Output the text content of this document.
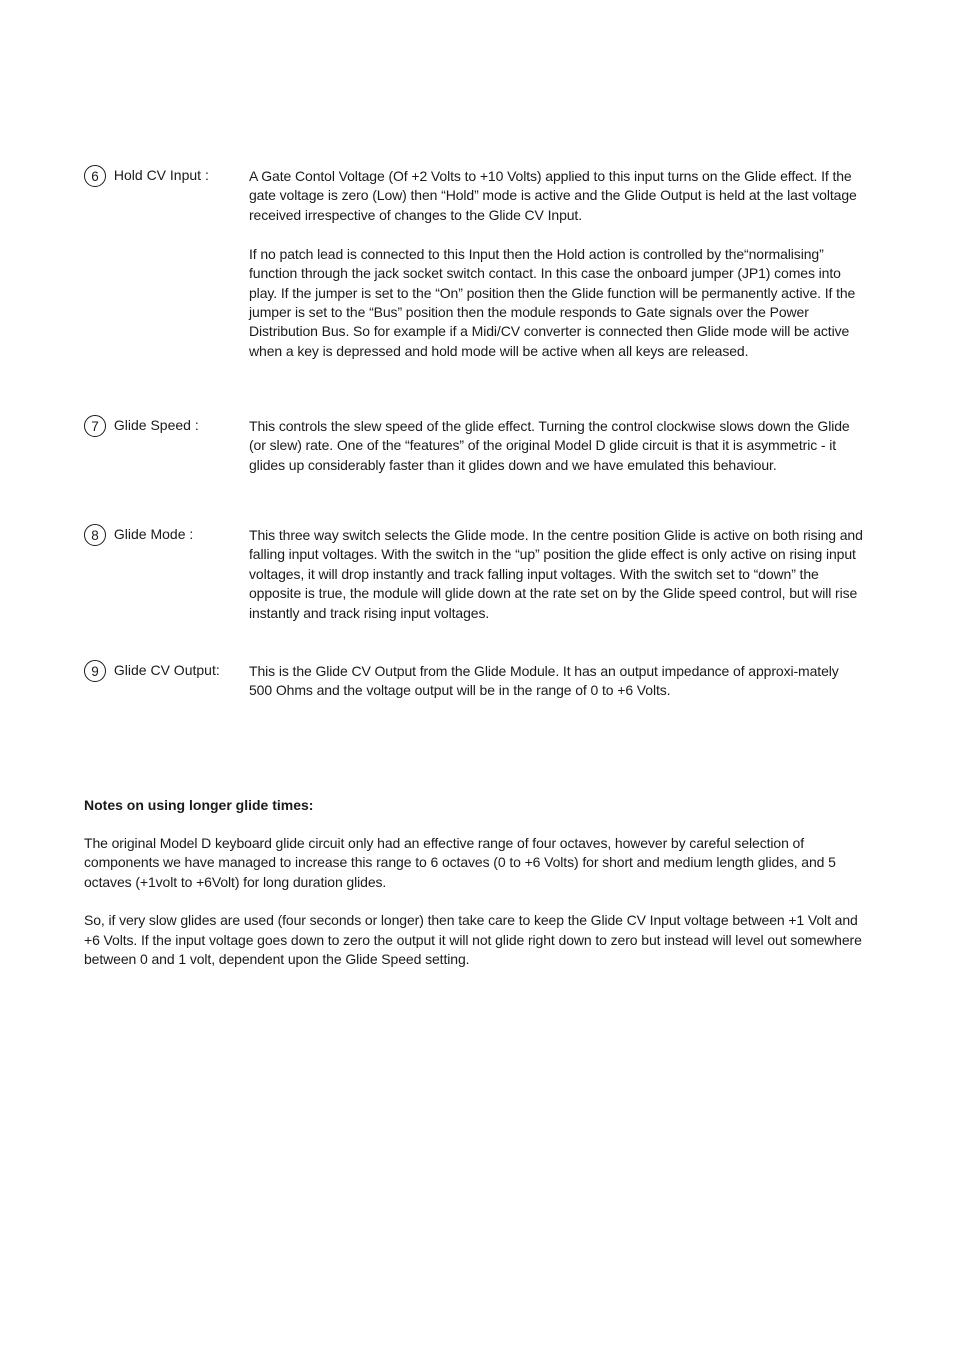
6 Hold CV Input :	A Gate Contol Voltage (Of +2 Volts to +10 Volts) applied to this input turns on the Glide effect. If the gate voltage is zero (Low) then “Hold” mode is active and the Glide Output is held at the last voltage received irrespective of changes to the Glide CV Input.

If no patch lead is connected to this Input then the Hold action is controlled by the“normalising” function through the jack socket switch contact. In this case the onboard jumper (JP1) comes into play. If the jumper is set to the “On” position then the Glide function will be permanently active. If the jumper is set to the “Bus” position then the module responds to Gate signals over the Power Distribution Bus. So for example if a Midi/CV converter is connected then Glide mode will be active when a key is depressed and hold mode will be active when all keys are released.

7 Glide Speed :	This controls the slew speed of the glide effect. Turning the control clockwise slows down the Glide (or slew) rate. One of the “features” of the original Model D glide circuit is that it is asymmetric - it glides up considerably faster than it glides down and we have emulated this behaviour.

8 Glide Mode :	This three way switch selects the Glide mode. In the centre position Glide is active on both rising and falling input voltages. With the switch in the “up” position the glide effect is only active on rising input voltages, it will drop instantly and track falling input voltages. With the switch set to “down” the opposite is true, the module will glide down at the rate set on by the Glide speed control, but will rise instantly and track rising input voltages.

9 Glide CV Output:	This is the Glide CV Output from the Glide Module. It has an output impedance of approxi-mately 500 Ohms and the voltage output will be in the range of 0 to +6 Volts.

Notes on using longer glide times:

The original Model D keyboard glide circuit only had an effective range of four octaves, however by careful selection of components we have managed to increase this range to 6 octaves (0 to +6 Volts) for short and medium length glides, and 5 octaves (+1volt to +6Volt) for long duration glides.

So, if very slow glides are used (four seconds or longer) then take care to keep the Glide CV Input voltage between +1 Volt and +6 Volts. If the input voltage goes down to zero the output it will not glide right down to zero but instead will level out somewhere between 0 and 1 volt, dependent upon the Glide Speed setting.
